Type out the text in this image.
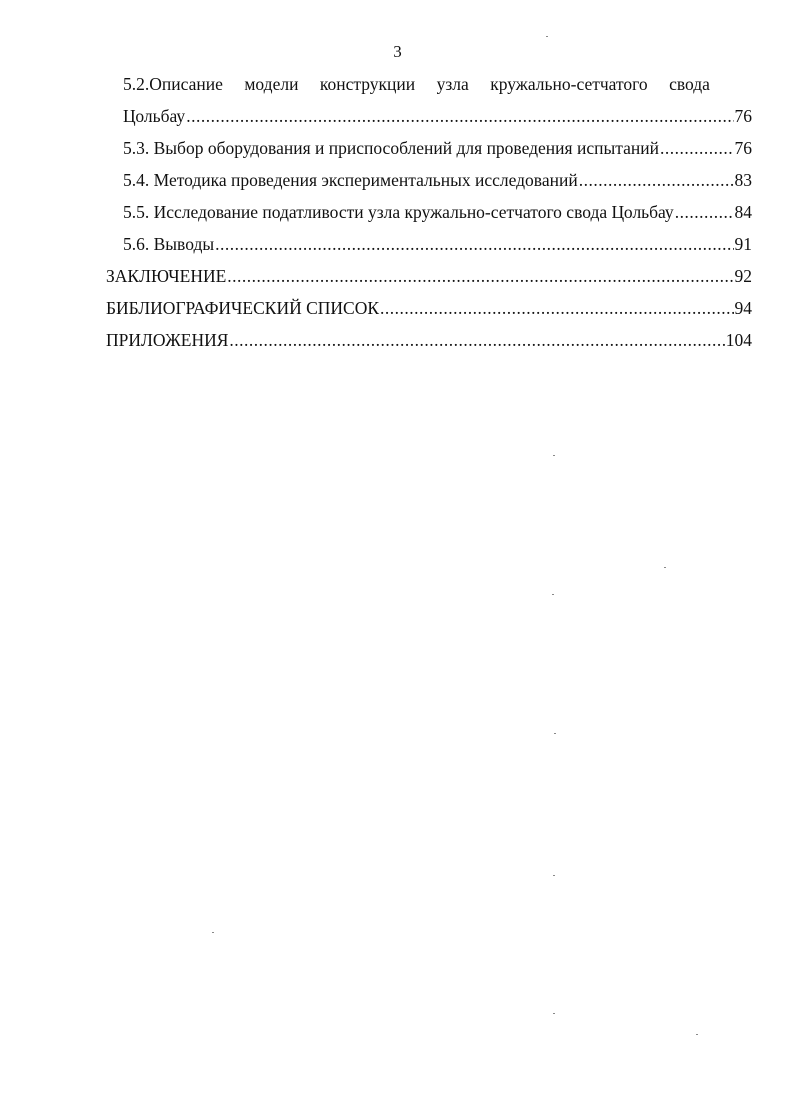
3
5.2.Описание модели конструкции узла кружально-сетчатого свода
Цольбау .....	76
5.3. Выбор оборудования и приспособлений для проведения испытаний .....	76
5.4. Методика проведения экспериментальных исследований .....	83
5.5. Исследование податливости узла кружально-сетчатого свода Цольбау .....	84
5.6. Выводы .....	91
ЗАКЛЮЧЕНИЕ .....	92
БИБЛИОГРАФИЧЕСКИЙ СПИСОК .....	94
ПРИЛОЖЕНИЯ .....	104
